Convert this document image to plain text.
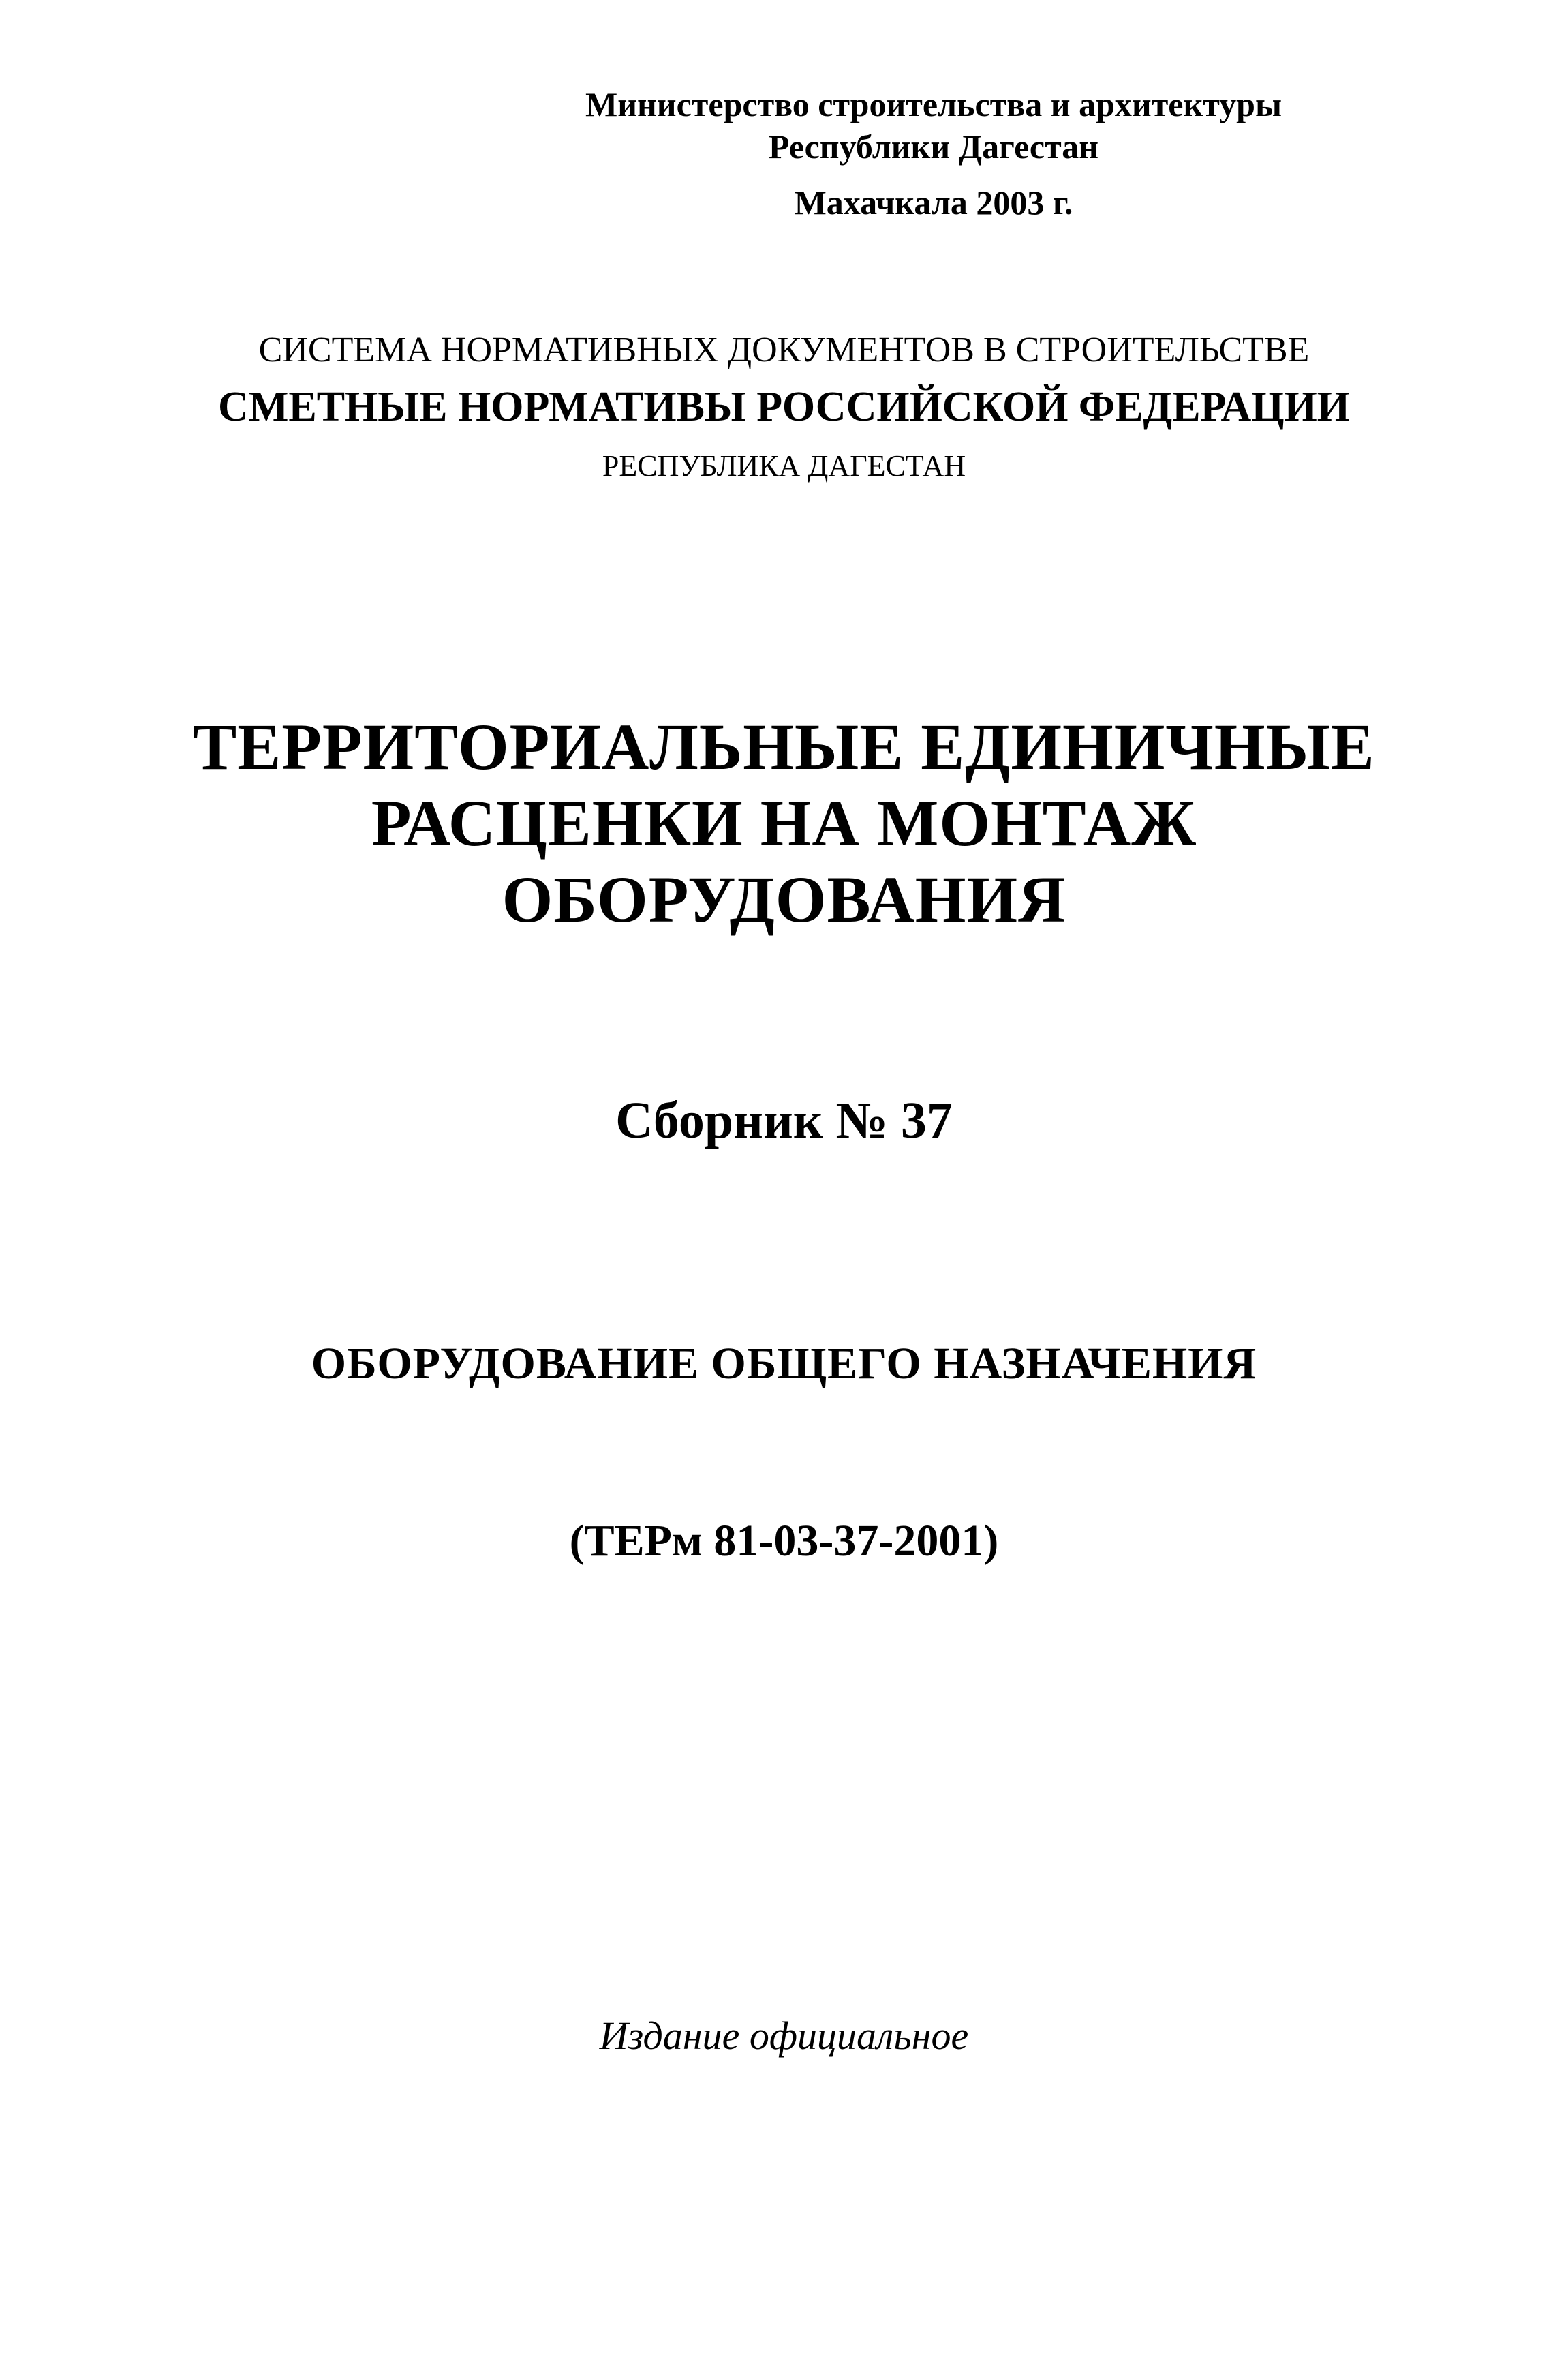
Министерство строительства и архитектуры
Республики Дагестан
Махачкала 2003 г.
СИСТЕМА НОРМАТИВНЫХ ДОКУМЕНТОВ В СТРОИТЕЛЬСТВЕ
СМЕТНЫЕ НОРМАТИВЫ РОССИЙСКОЙ ФЕДЕРАЦИИ
РЕСПУБЛИКА ДАГЕСТАН
ТЕРРИТОРИАЛЬНЫЕ ЕДИНИЧНЫЕ
РАСЦЕНКИ НА МОНТАЖ
ОБОРУДОВАНИЯ
Сборник № 37
ОБОРУДОВАНИЕ ОБЩЕГО НАЗНАЧЕНИЯ
(ТЕРм 81-03-37-2001)
Издание официальное
